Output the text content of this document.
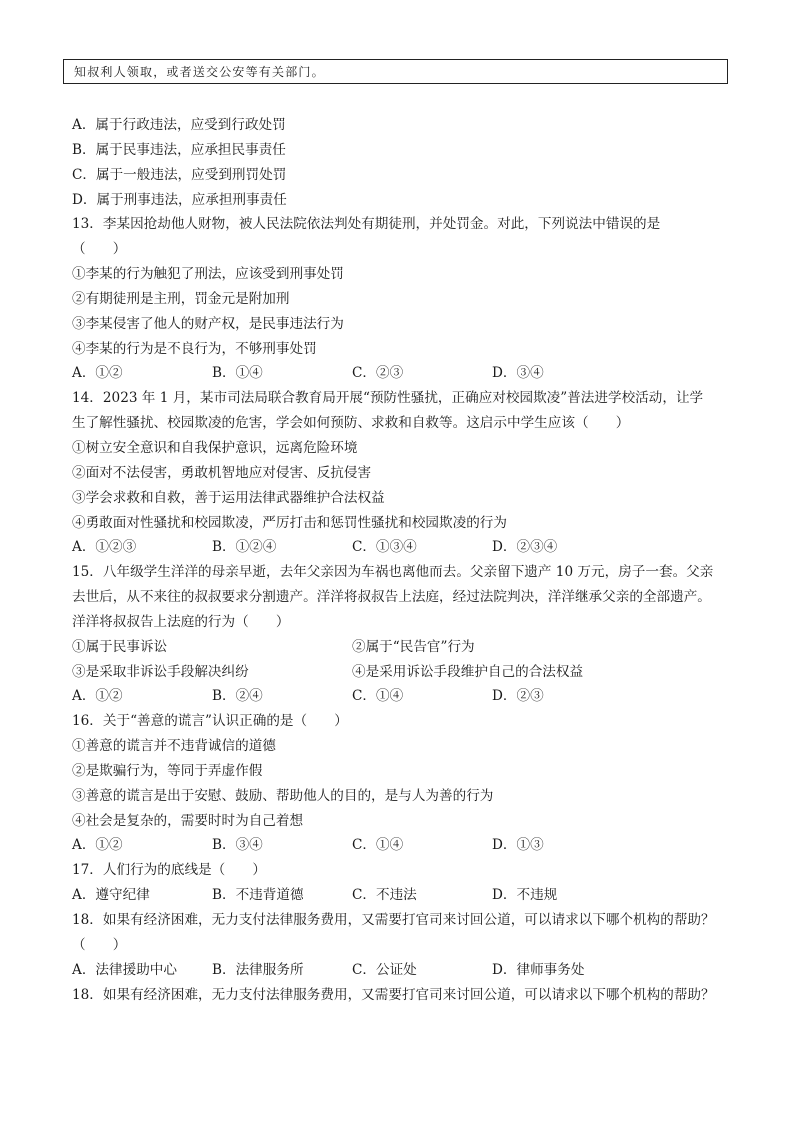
知叔利人领取，或者送交公安等有关部门。
A．属于行政违法，应受到行政处罚
B．属于民事违法，应承担民事责任
C．属于一般违法，应受到刑罚处罚
D．属于刑事违法，应承担刑事责任
13．李某因抢劫他人财物，被人民法院依法判处有期徒刑，并处罚金。对此，下列说法中错误的是
（　　）
①李某的行为触犯了刑法，应该受到刑事处罚
②有期徒刑是主刑，罚金元是附加刑
③李某侵害了他人的财产权，是民事违法行为
④李某的行为是不良行为，不够刑事处罚
A．①②	B．①④	C．②③	D．③④
14．2023 年 1 月，某市司法局联合教育局开展“预防性骚扰，正确应对校园欺凌”普法进学校活动，让学
生了解性骚扰、校园欺凌的危害，学会如何预防、求救和自救等。这启示中学生应该（　　）
①树立安全意识和自我保护意识，远离危险环境
②面对不法侵害，勇敢机智地应对侵害、反抗侵害
③学会求救和自救，善于运用法律武器维护合法权益
④勇敢面对性骚扰和校园欺凌，严厉打击和惩罚性骚扰和校园欺凌的行为
A．①②③	B．①②④	C．①③④	D．②③④
15．八年级学生洋洋的母亲早逝，去年父亲因为车祸也离他而去。父亲留下遗产 10 万元，房子一套。父亲
去世后，从不来往的叔叔要求分割遗产。洋洋将叔叔告上法庭，经过法院判决，洋洋继承父亲的全部遗产。
洋洋将叔叔告上法庭的行为（　　）
①属于民事诉讼	②属于“民告官”行为
③是采取非诉讼手段解决纠纷	④是采用诉讼手段维护自己的合法权益
A．①②	B．②④	C．①④	D．②③
16．关于“善意的谎言”认识正确的是（　　）
①善意的谎言并不违背诚信的道德
②是欺骗行为，等同于弄虚作假
③善意的谎言是出于安慰、鼓励、帮助他人的目的，是与人为善的行为
④社会是复杂的，需要时时为自己着想
A．①②	B．③④	C．①④	D．①③
17．人们行为的底线是（　　）
A．遵守纪律	B．不违背道德	C．不违法	D．不违规
18．如果有经济困难，无力支付法律服务费用，又需要打官司来讨回公道，可以请求以下哪个机构的帮助？
（　　）
A．法律援助中心	B．法律服务所	C．公证处	D．律师事务处
18．如果有经济困难，无力支付法律服务费用，又需要打官司来讨回公道，可以请求以下哪个机构的帮助？
